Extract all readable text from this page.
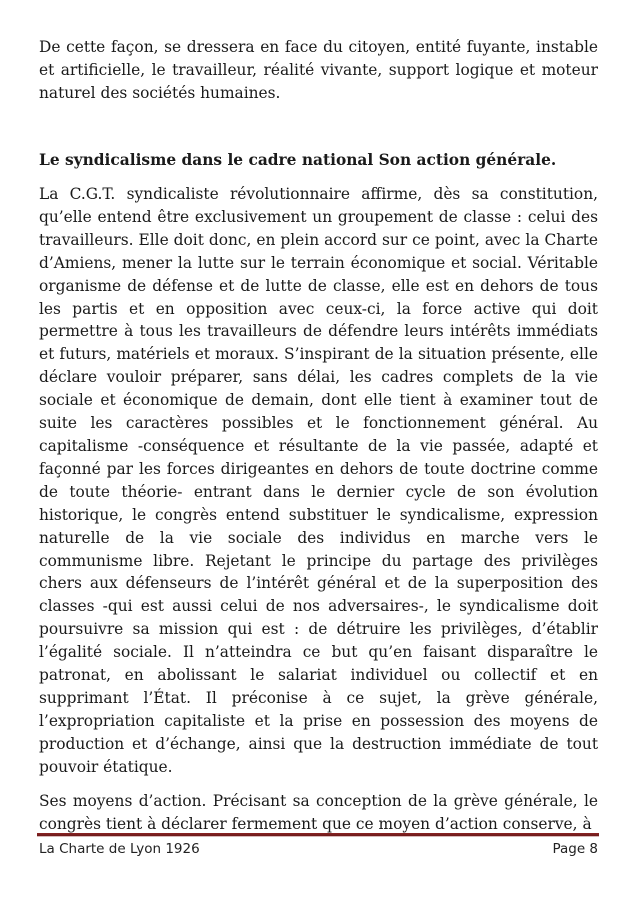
De cette façon, se dressera en face du citoyen, entité fuyante, instable et artificielle, le travailleur, réalité vivante, support logique et moteur naturel des sociétés humaines.

Le syndicalisme dans le cadre national Son action générale.

La C.G.T. syndicaliste révolutionnaire affirme, dès sa constitution, qu’elle entend être exclusivement un groupement de classe : celui des travailleurs. Elle doit donc, en plein accord sur ce point, avec la Charte d’Amiens, mener la lutte sur le terrain économique et social. Véritable organisme de défense et de lutte de classe, elle est en dehors de tous les partis et en opposition avec ceux-ci, la force active qui doit permettre à tous les travailleurs de défendre leurs intérêts immédiats et futurs, matériels et moraux. S’inspirant de la situation présente, elle déclare vouloir préparer, sans délai, les cadres complets de la vie sociale et économique de demain, dont elle tient à examiner tout de suite les caractères possibles et le fonctionnement général. Au capitalisme -conséquence et résultante de la vie passée, adapté et façonné par les forces dirigeantes en dehors de toute doctrine comme de toute théorie- entrant dans le dernier cycle de son évolution historique, le congrès entend substituer le syndicalisme, expression naturelle de la vie sociale des individus en marche vers le communisme libre. Rejetant le principe du partage des privilèges chers aux défenseurs de l’intérêt général et de la superposition des classes -qui est aussi celui de nos adversaires-, le syndicalisme doit poursuivre sa mission qui est : de détruire les privilèges, d’établir l’égalité sociale. Il n’atteindra ce but qu’en faisant disparaître le patronat, en abolissant le salariat individuel ou collectif et en supprimant l’État. Il préconise à ce sujet, la grève générale, l’expropriation capitaliste et la prise en possession des moyens de production et d’échange, ainsi que la destruction immédiate de tout pouvoir étatique.

Ses moyens d’action. Précisant sa conception de la grève générale, le congrès tient à déclarer fermement que ce moyen d’action conserve, à

La Charte de Lyon 1926	Page 8
